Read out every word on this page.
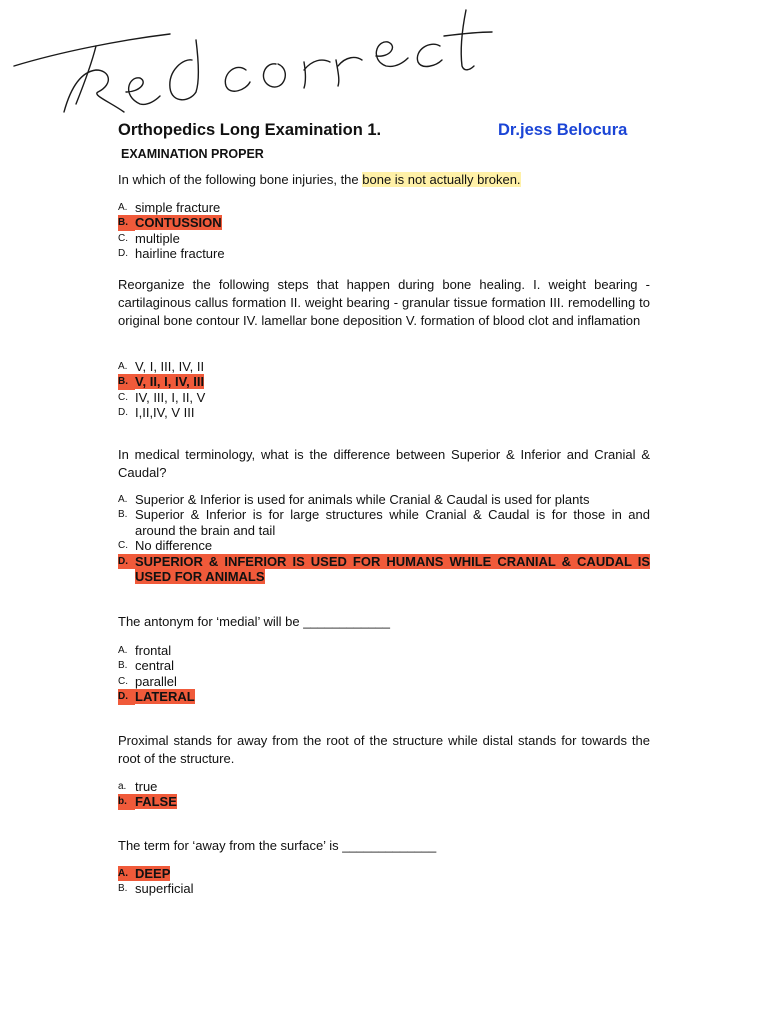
Orthopedics Long Examination 1.	Dr.jess Belocura
EXAMINATION PROPER
In which of the following bone injuries, the bone is not actually broken.
A. simple fracture
B. CONTUSSION
C. multiple
D. hairline fracture
Reorganize the following steps that happen during bone healing. I. weight bearing - cartilaginous callus formation II. weight bearing - granular tissue formation III. remodelling to original bone contour IV. lamellar bone deposition V. formation of blood clot and inflamation
A. V, I, III, IV, II
B. V, II, I, IV, III
C. IV, III, I, II, V
D. I,II,IV, V III
In medical terminology, what is the difference between Superior & Inferior and Cranial & Caudal?
A. Superior & Inferior is used for animals while Cranial & Caudal is used for plants
B. Superior & Inferior is for large structures while Cranial & Caudal is for those in and around the brain and tail
C. No difference
D. SUPERIOR & INFERIOR IS USED FOR HUMANS WHILE CRANIAL & CAUDAL IS USED FOR ANIMALS
The antonym for ‘medial’ will be ____________
A. frontal
B. central
C. parallel
D. LATERAL
Proximal stands for away from the root of the structure while distal stands for towards the root of the structure.
a. true
b. FALSE
The term for ‘away from the surface’ is _____________
A. DEEP
B. superficial
